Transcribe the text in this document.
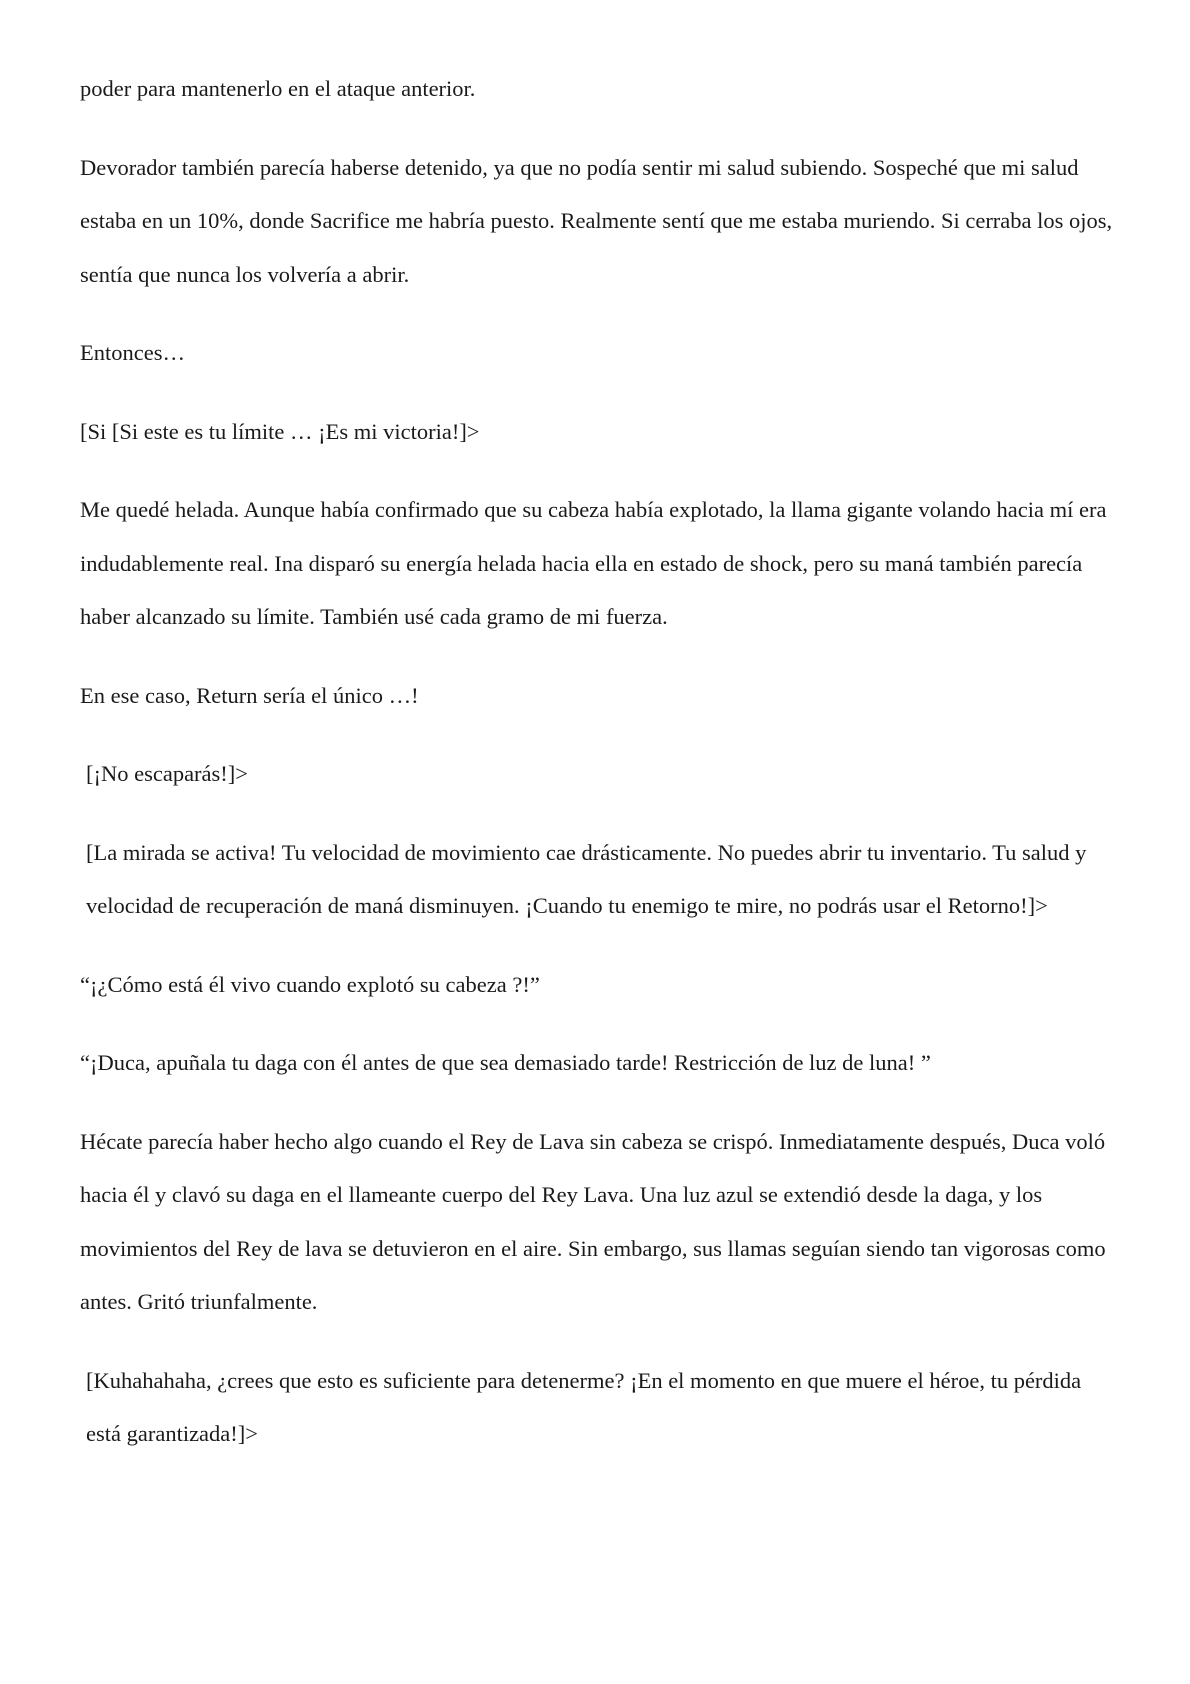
poder para mantenerlo en el ataque anterior.

Devorador también parecía haberse detenido, ya que no podía sentir mi salud subiendo. Sospeché que mi salud estaba en un 10%, donde Sacrifice me habría puesto. Realmente sentí que me estaba muriendo. Si cerraba los ojos, sentía que nunca los volvería a abrir.

Entonces…

[Si [Si este es tu límite … ¡Es mi victoria!]>

Me quedé helada. Aunque había confirmado que su cabeza había explotado, la llama gigante volando hacia mí era indudablemente real. Ina disparó su energía helada hacia ella en estado de shock, pero su maná también parecía haber alcanzado su límite. También usé cada gramo de mi fuerza.

En ese caso, Return sería el único …!

[¡No escaparás!]>

[La mirada se activa! Tu velocidad de movimiento cae drásticamente. No puedes abrir tu inventario. Tu salud y velocidad de recuperación de maná disminuyen. ¡Cuando tu enemigo te mire, no podrás usar el Retorno!]>

“¡¿Cómo está él vivo cuando explotó su cabeza ?!”

“¡Duca, apuñala tu daga con él antes de que sea demasiado tarde! Restricción de luz de luna! ”

Hécate parecía haber hecho algo cuando el Rey de Lava sin cabeza se crispó. Inmediatamente después, Duca voló hacia él y clavó su daga en el llameante cuerpo del Rey Lava. Una luz azul se extendió desde la daga, y los movimientos del Rey de lava se detuvieron en el aire. Sin embargo, sus llamas seguían siendo tan vigorosas como antes. Gritó triunfalmente.

[Kuhahahaha, ¿crees que esto es suficiente para detenerme? ¡En el momento en que muere el héroe, tu pérdida está garantizada!]>
